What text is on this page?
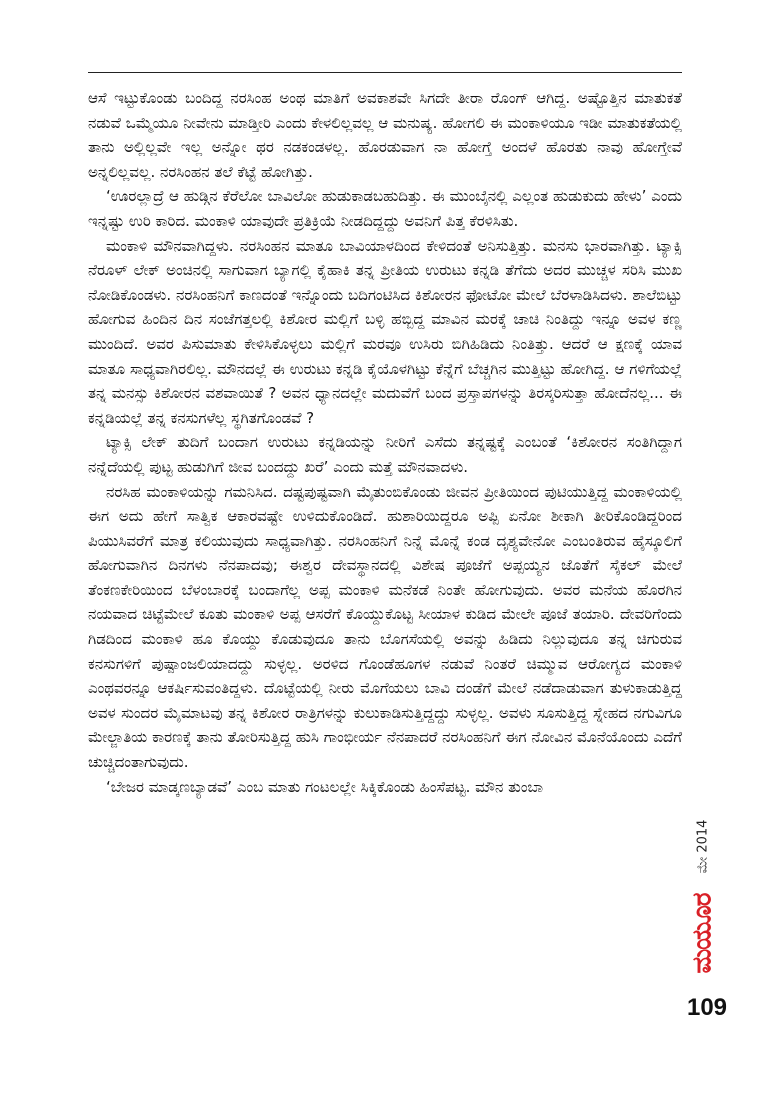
ಆಸೆ ಇಟ್ಟುಕೊಂಡು ಬಂದಿದ್ದ ನರಸಿಂಹ ಅಂಥ ಮಾತಿಗೆ ಅವಕಾಶವೇ ಸಿಗದೇ ತೀರಾ ರೊಂಗ್ ಆಗಿದ್ದ. ಅಷ್ಟೊತ್ತಿನ ಮಾತುಕತೆ ನಡುವೆ ಒಮ್ಮೆಯೂ ನೀವೇನು ಮಾಡ್ತೀರಿ ಎಂದು ಕೇಳಲಿಲ್ಲವಲ್ಲ ಆ ಮನುಷ್ಯ. ಹೋಗಲಿ ಈ ಮಂಕಾಳಿಯೂ ಇಡೀ ಮಾತುಕತೆಯಲ್ಲಿ ತಾನು ಅಲ್ಲಿಲ್ಲವೇ ಇಲ್ಲ ಅನ್ನೋ ಥರ ನಡಕಂಡಳಲ್ಲ. ಹೊರಡುವಾಗ ನಾ ಹೋಗ್ತೆ ಅಂದಳೆ ಹೊರತು ನಾವು ಹೋಗ್ತೇವೆ ಅನ್ನಲಿಲ್ಲವಲ್ಲ. ನರಸಿಂಹನ ತಲೆ ಕೆಟ್ಟೆ ಹೋಗಿತ್ತು.

‘ಊರಲ್ಲಾದ್ರೆ ಆ ಹುಡ್ಗಿನ ಕೆರೆಲೋ ಬಾವಿಲೋ ಹುಡುಕಾಡಬಹುದಿತ್ತು. ಈ ಮುಂಬೈನಲ್ಲಿ ಎಲ್ಲಂತ ಹುಡುಕುದು ಹೇಳು’ ಎಂದು ಇನ್ನಷ್ಟು ಉರಿ ಕಾರಿದ. ಮಂಕಾಳಿ ಯಾವುದೇ ಪ್ರತಿಕ್ರಿಯೆ ನೀಡದಿದ್ದದ್ದು ಅವನಿಗೆ ಪಿತ್ತ ಕೆರಳಿಸಿತು.

ಮಂಕಾಳಿ ಮೌನವಾಗಿದ್ದಳು. ನರಸಿಂಹನ ಮಾತೂ ಬಾವಿಯಾಳದಿಂದ ಕೇಳಿದಂತೆ ಅನಿಸುತ್ತಿತ್ತು. ಮನಸು ಭಾರವಾಗಿತ್ತು. ಟ್ಯಾಕ್ಸಿ ನೆರೂಳ್ ಲೇಕ್ ಅಂಚಿನಲ್ಲಿ ಸಾಗುವಾಗ ಬ್ಯಾಗಲ್ಲಿ ಕೈಹಾಕಿ ತನ್ನ ಪ್ರೀತಿಯ ಉರುಟು ಕನ್ನಡಿ ತೆಗೆದು ಅದರ ಮುಚ್ಚಳ ಸರಿಸಿ ಮುಖ ನೋಡಿಕೊಂಡಳು. ನರಸಿಂಹನಿಗೆ ಕಾಣದಂತೆ ಇನ್ನೊಂದು ಬದಿಗಂಟಿಸಿದ ಕಿಶೋರನ ಫೋಟೋ ಮೇಲೆ ಬೆರಳಾಡಿಸಿದಳು. ಶಾಲೆಬಿಟ್ಟು ಹೋಗುವ ಹಿಂದಿನ ದಿನ ಸಂಜೆಗತ್ತಲಲ್ಲಿ ಕಿಶೋರ ಮಲ್ಲಿಗೆ ಬಳ್ಳಿ ಹಬ್ಬಿದ್ದ ಮಾವಿನ ಮರಕ್ಕೆ ಚಾಚಿ ನಿಂತಿದ್ದು ಇನ್ನೂ ಅವಳ ಕಣ್ಣ ಮುಂದಿದೆ. ಅವರ ಪಿಸುಮಾತು ಕೇಳಿಸಿಕೊಳ್ಳಲು ಮಲ್ಲಿಗೆ ಮರವೂ ಉಸಿರು ಬಿಗಿಹಿಡಿದು ನಿಂತಿತ್ತು. ಆದರೆ ಆ ಕ್ಷಣಕ್ಕೆ ಯಾವ ಮಾತೂ ಸಾಧ್ಯವಾಗಿರಲಿಲ್ಲ. ಮೌನದಲ್ಲೆ ಈ ಉರುಟು ಕನ್ನಡಿ ಕೈಯೊಳಗಿಟ್ಟು ಕೆನ್ನೆಗೆ ಬೆಚ್ಚಗಿನ ಮುತ್ತಿಟ್ಟು ಹೋಗಿದ್ದ. ಆ ಗಳಿಗೆಯಲ್ಲೆ ತನ್ನ ಮನಸ್ಸು ಕಿಶೋರನ ವಶವಾಯಿತೆ ? ಅವನ ಧ್ಯಾನದಲ್ಲೇ ಮದುವೆಗೆ ಬಂದ ಪ್ರಸ್ತಾಪಗಳನ್ನು ತಿರಸ್ಕರಿಸುತ್ತಾ ಹೋದೆನಲ್ಲ... ಈ ಕನ್ನಡಿಯಲ್ಲೆ ತನ್ನ ಕನಸುಗಳೆಲ್ಲ ಸ್ಥಗಿತಗೊಂಡವೆ ?

ಟ್ಯಾಕ್ಸಿ ಲೇಕ್ ತುದಿಗೆ ಬಂದಾಗ ಉರುಟು ಕನ್ನಡಿಯನ್ನು ನೀರಿಗೆ ಎಸೆದು ತನ್ನಷ್ಟಕ್ಕೆ ಎಂಬಂತೆ ‘ಕಿಶೋರನ ಸಂತಿಗಿದ್ದಾಗ ನನ್ನೆದೆಯಲ್ಲಿ ಪುಟ್ಟ ಹುಡುಗಿಗೆ ಜೀವ ಬಂದದ್ದು ಖರೆ’ ಎಂದು ಮತ್ತೆ ಮೌನವಾದಳು.

ನರಸಿಹ ಮಂಕಾಳಿಯನ್ನು ಗಮನಿಸಿದ. ದಷ್ಟಪುಷ್ಟವಾಗಿ ಮೈತುಂಬಿಕೊಂಡು ಜೀವನ ಪ್ರೀತಿಯಿಂದ ಪುಟಿಯುತ್ತಿದ್ದ ಮಂಕಾಳಿಯಲ್ಲಿ ಈಗ ಅದು ಹೇಗೆ ಸಾತ್ವಿಕ ಆಕಾರವಷ್ಟೇ ಉಳಿದುಕೊಂಡಿದೆ. ಹುಶಾರಿಯಿದ್ದರೂ ಅಪ್ಪಿ ಏನೋ ಶೀಕಾಗಿ ತೀರಿಕೊಂಡಿದ್ದರಿಂದ ಪಿಯುಸಿವರೆಗೆ ಮಾತ್ರ ಕಲಿಯುವುದು ಸಾಧ್ಯವಾಗಿತ್ತು. ನರಸಿಂಹನಿಗೆ ನಿನ್ನೆ ಮೊನ್ನೆ ಕಂಡ ದೃಶ್ಯವೇನೋ ಎಂಬಂತಿರುವ ಹೈಸ್ಕೂಲಿಗೆ ಹೋಗುವಾಗಿನ ದಿನಗಳು ನೆನಪಾದವು; ಈಶ್ವರ ದೇವಸ್ಥಾನದಲ್ಲಿ ವಿಶೇಷ ಪೂಜೆಗೆ ಅಪ್ಪಯ್ಯನ ಜೊತೆಗೆ ಸೈಕಲ್ ಮೇಲೆ ತೆಂಕಣಕೇರಿಯಿಂದ ಬೆಳಂಬಾರಕ್ಕೆ ಬಂದಾಗೆಲ್ಲ ಅಪ್ಪ ಮಂಕಾಳಿ ಮನೆಕಡೆ ನಿಂತೇ ಹೋಗುವುದು. ಅವರ ಮನೆಯ ಹೊರಗಿನ ನಯವಾದ ಚಿಟ್ಟೆಮೇಲೆ ಕೂತು ಮಂಕಾಳಿ ಅಪ್ಪ ಆಸರೆಗೆ ಕೊಯ್ದುಕೊಟ್ಟ ಸೀಯಾಳ ಕುಡಿದ ಮೇಲೇ ಪೂಜೆ ತಯಾರಿ. ದೇವರಿಗೆಂದು ಗಿಡದಿಂದ ಮಂಕಾಳಿ ಹೂ ಕೊಯ್ದು ಕೊಡುವುದೂ ತಾನು ಬೊಗಸೆಯಲ್ಲಿ ಅವನ್ನು ಹಿಡಿದು ನಿಲ್ಲುವುದೂ ತನ್ನ ಚಿಗುರುವ ಕನಸುಗಳಿಗೆ ಪುಷ್ಪಾಂಜಲಿಯಾದದ್ದು ಸುಳ್ಳಲ್ಲ. ಅರಳಿದ ಗೊಂಡೆಹೂಗಳ ನಡುವೆ ನಿಂತರೆ ಚಿಮ್ಮುವ ಆರೋಗ್ಯದ ಮಂಕಾಳಿ ಎಂಥವರನ್ನೂ ಆಕರ್ಷಿಸುವಂತಿದ್ದಳು. ದೊಟ್ಟೆಯಲ್ಲಿ ನೀರು ಮೊಗೆಯಲು ಬಾವಿ ದಂಡೆಗೆ ಮೇಲೆ ನಡೆದಾಡುವಾಗ ತುಳುಕಾಡುತ್ತಿದ್ದ ಅವಳ ಸುಂದರ ಮೈಮಾಟವು ತನ್ನ ಕಿಶೋರ ರಾತ್ರಿಗಳನ್ನು ಕುಲುಕಾಡಿಸುತ್ತಿದ್ದದ್ದು ಸುಳ್ಳಲ್ಲ. ಅವಳು ಸೂಸುತ್ತಿದ್ದ ಸ್ನೇಹದ ನಗುವಿಗೂ ಮೇಲ್ಜಾತಿಯ ಕಾರಣಕ್ಕೆ ತಾನು ತೋರಿಸುತ್ತಿದ್ದ ಹುಸಿ ಗಾಂಭೀರ್ಯ ನೆನಪಾದರೆ ನರಸಿಂಹನಿಗೆ ಈಗ ನೋವಿನ ಮೊನೆಯೊಂದು ಎದೆಗೆ ಚುಚ್ಚಿದಂತಾಗುವುದು.

‘ಬೇಜರ ಮಾಡ್ಕಣಬ್ಯಾಡವೆ’ ಎಂಬ ಮಾತು ಗಂಟಲಲ್ಲೇ ಸಿಕ್ಕಿಕೊಂಡು ಹಿಂಸೆಪಟ್ಟ. ಮೌನ ತುಂಬಾ

ಮೇ 2014
ಮಯೂರ
109
